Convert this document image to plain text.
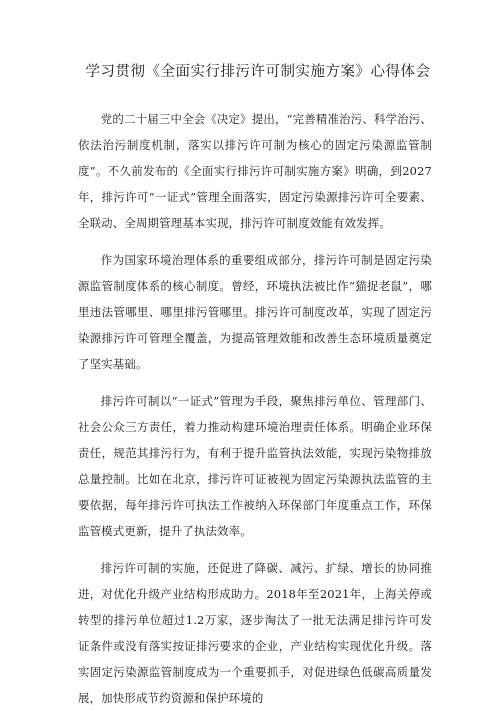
学习贯彻《全面实行排污许可制实施方案》心得体会

党的二十届三中全会《决定》提出，“完善精准治污、科学治污、依法治污制度机制，落实以排污许可制为核心的固定污染源监管制度”。不久前发布的《全面实行排污许可制实施方案》明确，到2027年，排污许可“一证式”管理全面落实，固定污染源排污许可全要素、全联动、全周期管理基本实现，排污许可制度效能有效发挥。

作为国家环境治理体系的重要组成部分，排污许可制是固定污染源监管制度体系的核心制度。曾经，环境执法被比作“猫捉老鼠”，哪里违法管哪里、哪里排污管哪里。排污许可制度改革，实现了固定污染源排污许可管理全覆盖，为提高管理效能和改善生态环境质量奠定了坚实基础。

排污许可制以“一证式”管理为手段，聚焦排污单位、管理部门、社会公众三方责任，着力推动构建环境治理责任体系。明确企业环保责任，规范其排污行为，有利于提升监管执法效能，实现污染物排放总量控制。比如在北京，排污许可证被视为固定污染源执法监管的主要依据，每年排污许可执法工作被纳入环保部门年度重点工作，环保监管模式更新，提升了执法效率。

排污许可制的实施，还促进了降碳、减污、扩绿、增长的协同推进，对优化升级产业结构形成助力。2018年至2021年，上海关停或转型的排污单位超过1.2万家，逐步淘汰了一批无法满足排污许可发证条件或没有落实按证排污要求的企业，产业结构实现优化升级。落实固定污染源监管制度成为一个重要抓手，对促进绿色低碳高质量发展，加快形成节约资源和保护环境的
